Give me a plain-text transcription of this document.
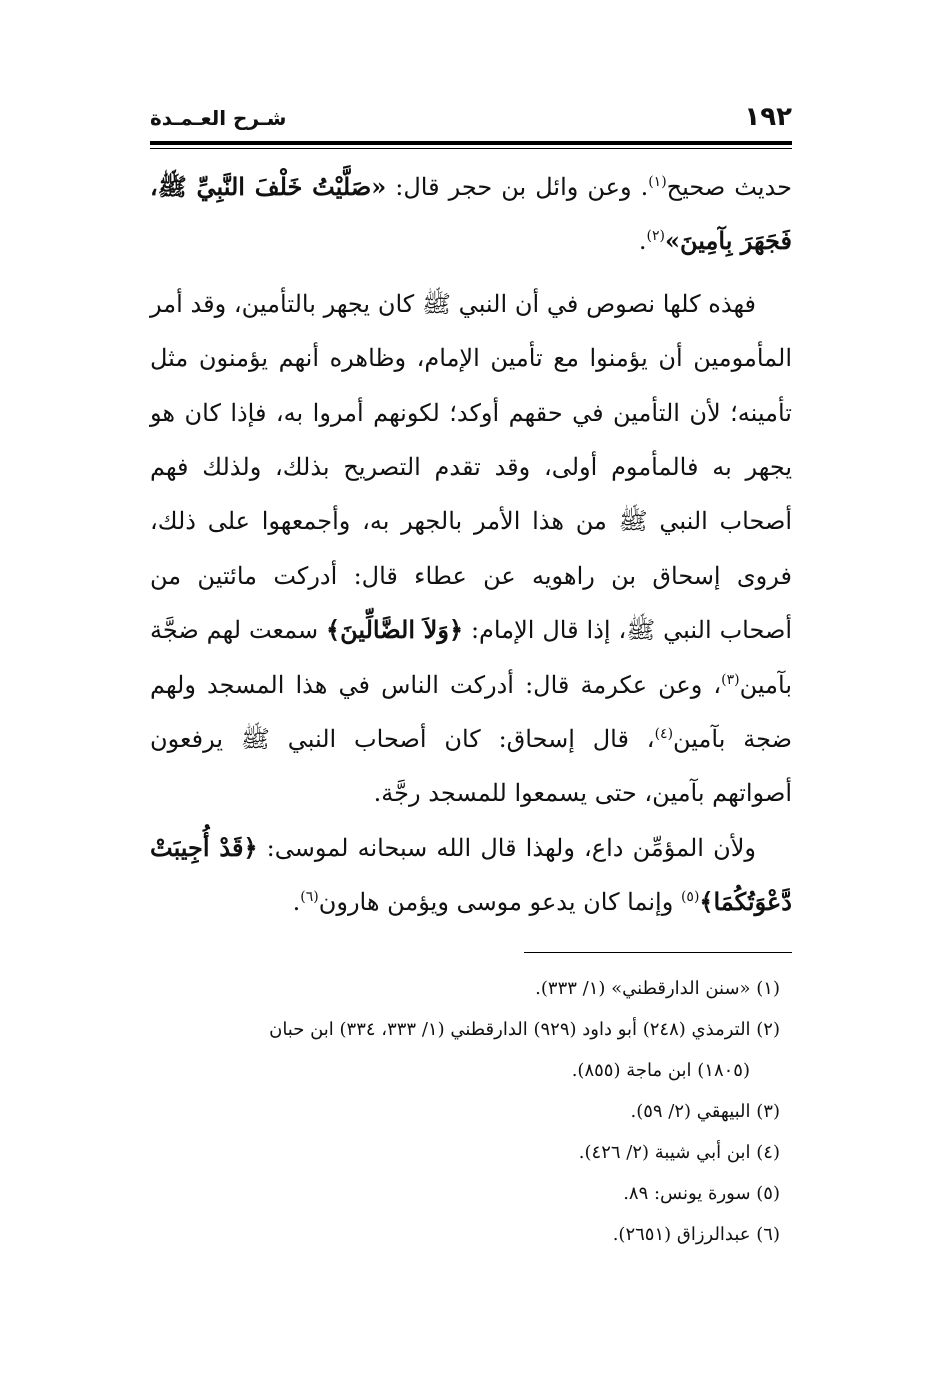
شـرح العـمـدة	١٩٢

حديث صحيح$^{(١)}$. وعن وائل بن حجر قال: «صَلَّيْتُ خَلْفَ النَّبِيِّ ﷺ، فَجَهَرَ بِآمِينَ»$^{(٢)}$.

فهذه كلها نصوص في أن النبي ﷺ كان يجهر بالتأمين، وقد أمر المأمومين أن يؤمنوا مع تأمين الإمام، وظاهره أنهم يؤمنون مثل تأمينه؛ لأن التأمين في حقهم أوكد؛ لكونهم أمروا به، فإذا كان هو يجهر به فالمأموم أولى، وقد تقدم التصريح بذلك، ولذلك فهم أصحاب النبي ﷺ من هذا الأمر بالجهر به، وأجمعهوا على ذلك، فروى إسحاق بن راهويه عن عطاء قال: أدركت مائتين من أصحاب النبي ﷺ، إذا قال الإمام: ﴿وَلاَ الضَّالِّينَ﴾ سمعت لهم ضجَّة بآمين$^{(٣)}$، وعن عكرمة قال: أدركت الناس في هذا المسجد ولهم ضجة بآمين$^{(٤)}$، قال إسحاق: كان أصحاب النبي ﷺ يرفعون أصواتهم بآمين، حتى يسمعوا للمسجد رجَّة.

ولأن المؤمِّن داع، ولهذا قال الله سبحانه لموسى: ﴿قَدْ أُجِيبَتْ دَّعْوَتُكُمَا﴾$^{(٥)}$ وإنما كان يدعو موسى ويؤمن هارون$^{(٦)}$.

(١) «سنن الدارقطني» (١/ ٣٣٣).

(٢) الترمذي (٢٤٨) أبو داود (٩٢٩) الدارقطني (١/ ٣٣٣، ٣٣٤) ابن حبان

(١٨٠٥) ابن ماجة (٨٥٥).

(٣) البيهقي (٢/ ٥٩).

(٤) ابن أبي شيبة (٢/ ٤٢٦).

(٥) سورة يونس: ٨٩.

(٦) عبدالرزاق (٢٦٥١).
